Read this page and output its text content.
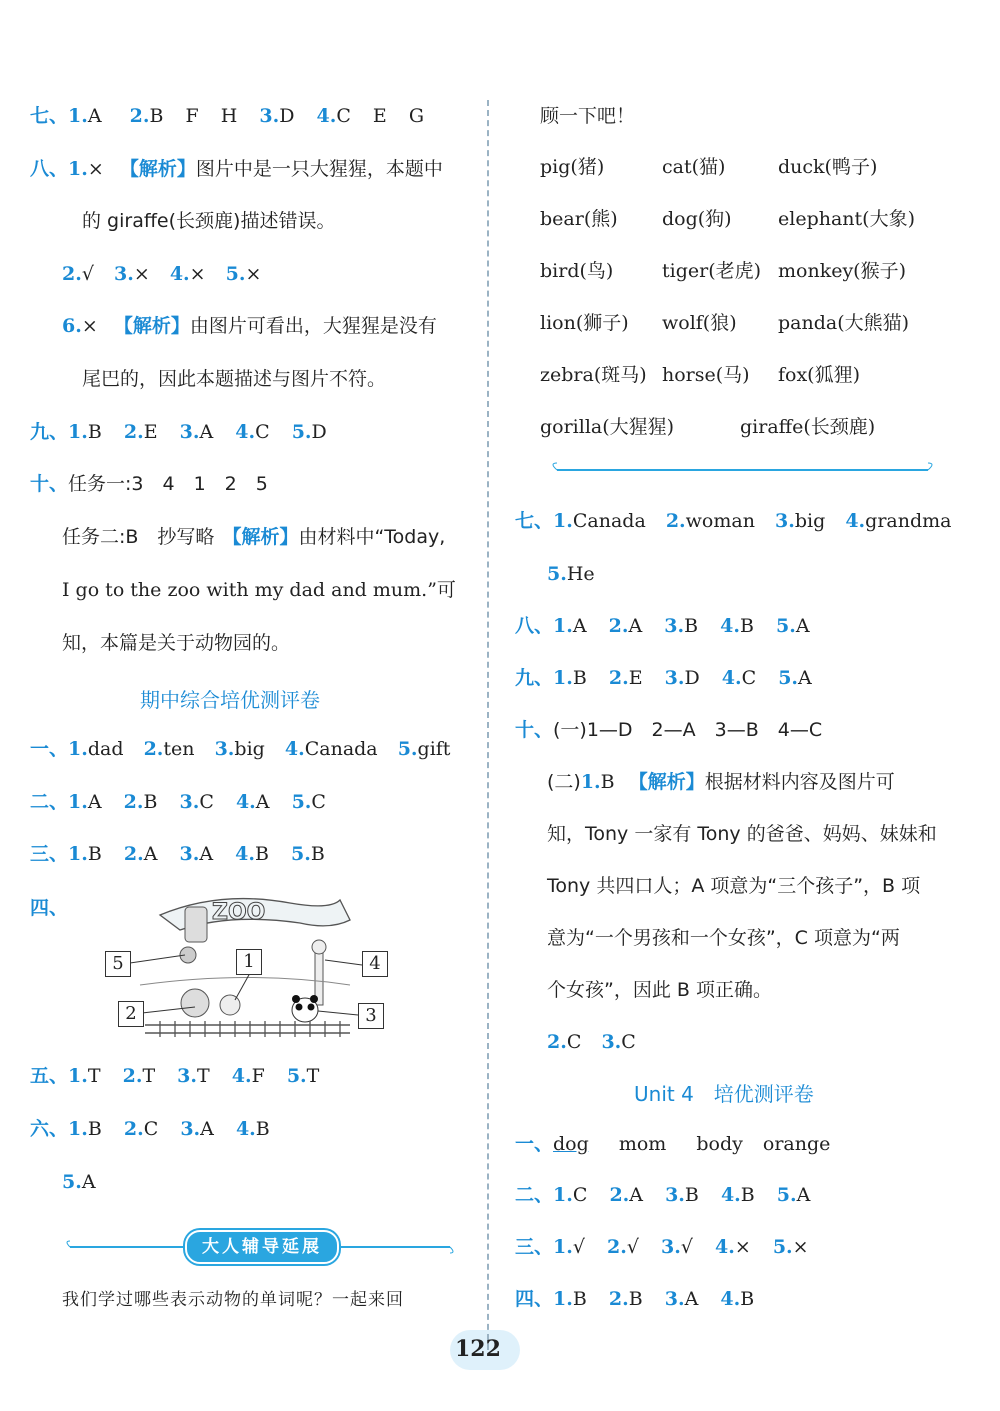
七、1.A 2.B F H 3.D 4.C E G
八、1.× 【解析】图片中是一只大猩猩，本题中
的 giraffe(长颈鹿)描述错误。
2.√ 3.× 4.× 5.×
6.× 【解析】由图片可看出，大猩猩是没有
尾巴的，因此本题描述与图片不符。
九、1.B 2.E 3.A 4.C 5.D
十、任务一:3　4　1　2　5
任务二:B　抄写略 【解析】由材料中“Today,
I go to the zoo with my dad and mum.”可
知，本篇是关于动物园的。
期中综合培优测评卷
一、1.dad 2.ten 3.big 4.Canada 5.gift
二、1.A 2.B 3.C 4.A 5.C
三、1.B 2.A 3.A 4.B 5.B
四、	ZOO
5	1	4
2	3
五、1.T 2.T 3.T 4.F 5.T
六、1.B 2.C 3.A 4.B
5.A
大人辅导延展
我们学过哪些表示动物的单词呢？一起来回
顾一下吧！
pig(猪)	cat(猫)	duck(鸭子)
bear(熊) dog(狗) elephant(大象)
bird(鸟)	tiger(老虎) monkey(猴子)
lion(狮子) wolf(狼) panda(大熊猫)
zebra(斑马) horse(马) fox(狐狸)
gorilla(大猩猩)	giraffe(长颈鹿)
七、1.Canada 2.woman 3.big 4.grandma
5.He
八、1.A 2.A 3.B 4.B 5.A
九、1.B 2.E 3.D 4.C 5.A
十、(一)1—D　2—A　3—B　4—C
(二)1.B 【解析】根据材料内容及图片可
知，Tony 一家有 Tony 的爸爸、妈妈、妹妹和
Tony 共四口人；A 项意为“三个孩子”，B 项
意为“一个男孩和一个女孩”，C 项意为“两
个女孩”，因此 B 项正确。
2.C 3.C
Unit 4　培优测评卷
一、dog mom body orange
二、1.C 2.A 3.B 4.B 5.A
三、1.√ 2.√ 3.√ 4.× 5.×
四、1.B 2.B 3.A 4.B
122
